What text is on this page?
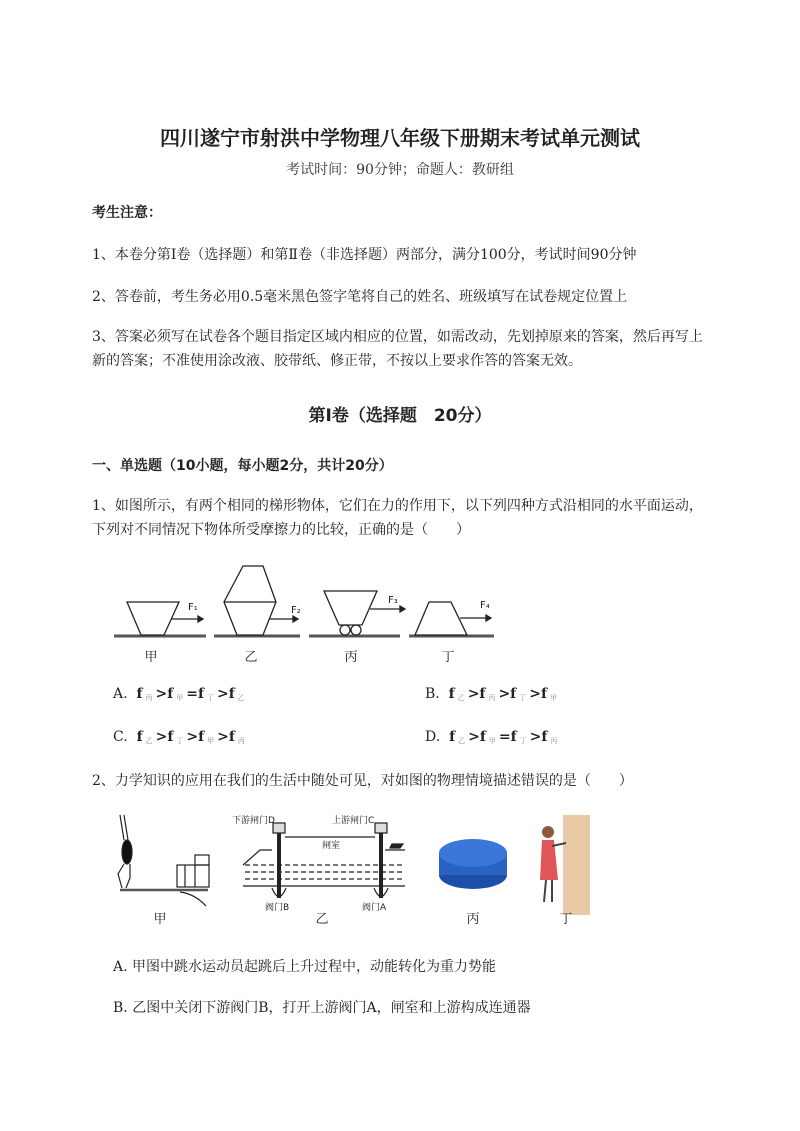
四川遂宁市射洪中学物理八年级下册期末考试单元测试
考试时间：90分钟；命题人：教研组
考生注意：
1、本卷分第Ⅰ卷（选择题）和第Ⅱ卷（非选择题）两部分，满分100分，考试时间90分钟
2、答卷前，考生务必用0.5毫米黑色签字笔将自己的姓名、班级填写在试卷规定位置上
3、答案必须写在试卷各个题目指定区域内相应的位置，如需改动，先划掉原来的答案，然后再写上新的答案；不准使用涂改液、胶带纸、修正带，不按以上要求作答的答案无效。
第Ⅰ卷（选择题　20分）
一、单选题（10小题，每小题2分，共计20分）
1、如图所示，有两个相同的梯形物体，它们在力的作用下，以下列四种方式沿相同的水平面运动，下列对不同情况下物体所受摩擦力的比较，正确的是（　　）
F₁	F₂
F₃	F₄
甲	乙	丙	丁
A. f $_丙$ >f $_甲$ =f $_丁$ >f $_乙$	B. f $_乙$ >f $_丙$ >f $_丁$ >f $_甲$
C. f $_乙$ >f $_丁$ >f $_甲$ >f $_丙$	D. f $_乙$ >f $_甲$ =f $_丁$ >f $_丙$
2、力学知识的应用在我们的生活中随处可见，对如图的物理情境描述错误的是（　　）
下游闸门D	上游闸门C
闸室
阀门B	阀门A
甲	乙	丙	丁
A. 甲图中跳水运动员起跳后上升过程中，动能转化为重力势能
B. 乙图中关闭下游阀门B，打开上游阀门A，闸室和上游构成连通器
